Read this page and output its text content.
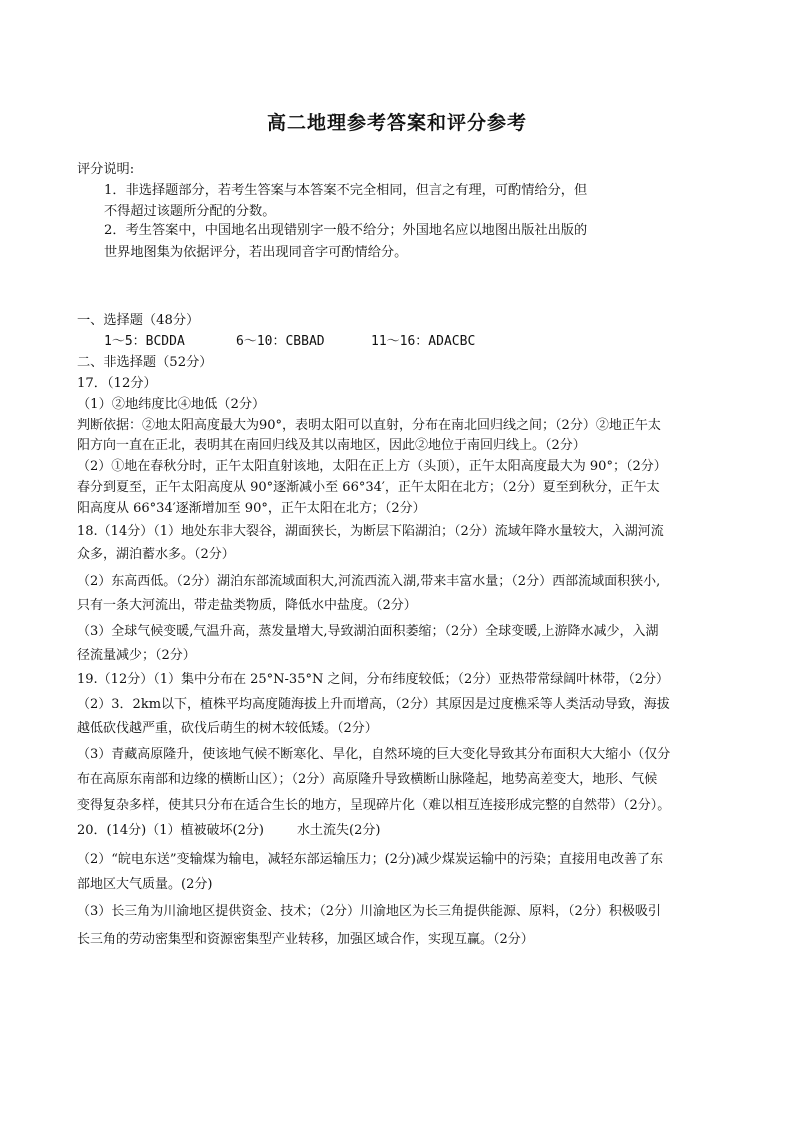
高二地理参考答案和评分参考
评分说明:
1．非选择题部分，若考生答案与本答案不完全相同，但言之有理，可酌情给分，但
不得超过该题所分配的分数。
2．考生答案中，中国地名出现错别字一般不给分；外国地名应以地图出版社出版的
世界地图集为依据评分，若出现同音字可酌情给分。
一、选择题（48分）
1～5：BCDDA	6～10：CBBAD	11～16：ADACBC
二、非选择题（52分）
17．（12分）
（1）②地纬度比④地低（2分）
判断依据：②地太阳高度最大为90°，表明太阳可以直射，分布在南北回归线之间；（2分）②地正午太
阳方向一直在正北，表明其在南回归线及其以南地区，因此②地位于南回归线上。（2分）
（2）①地在春秋分时，正午太阳直射该地，太阳在正上方（头顶），正午太阳高度最大为 90°；（2分）
春分到夏至，正午太阳高度从 90°逐渐减小至 66°34′，正午太阳在北方；（2分）夏至到秋分，正午太
阳高度从 66°34′逐渐增加至 90°，正午太阳在北方；（2分）
18.（14分）（1）地处东非大裂谷，湖面狭长，为断层下陷湖泊；（2分）流域年降水量较大，入湖河流
众多，湖泊蓄水多。（2分）
（2）东高西低。（2分）湖泊东部流域面积大,河流西流入湖,带来丰富水量；（2分）西部流域面积狭小,
只有一条大河流出，带走盐类物质，降低水中盐度。（2分）
（3）全球气候变暖,气温升高，蒸发量增大,导致湖泊面积萎缩；（2分）全球变暖,上游降水减少，入湖
径流量减少；（2分）
19.（12分）（1）集中分布在 25°N-35°N 之间，分布纬度较低；（2分）亚热带常绿阔叶林带，（2分）
（2）3．2km以下，植株平均高度随海拔上升而增高，（2分）其原因是过度樵采等人类活动导致，海拔
越低砍伐越严重，砍伐后萌生的树木较低矮。（2分）
（3）青藏高原隆升，使该地气候不断寒化、旱化，自然环境的巨大变化导致其分布面积大大缩小（仅分
布在高原东南部和边缘的横断山区）；（2分）高原隆升导致横断山脉隆起，地势高差变大，地形、气候
变得复杂多样，使其只分布在适合生长的地方，呈现碎片化（难以相互连接形成完整的自然带）（2分）。
20．(14分)（1）植被破坏(2分)	水土流失(2分)
（2）“皖电东送”变输煤为输电，减轻东部运输压力；(2分)减少煤炭运输中的污染；直接用电改善了东
部地区大气质量。(2分)
（3）长三角为川渝地区提供资金、技术；（2分）川渝地区为长三角提供能源、原料，（2分）积极吸引
长三角的劳动密集型和资源密集型产业转移，加强区域合作，实现互赢。（2分）
